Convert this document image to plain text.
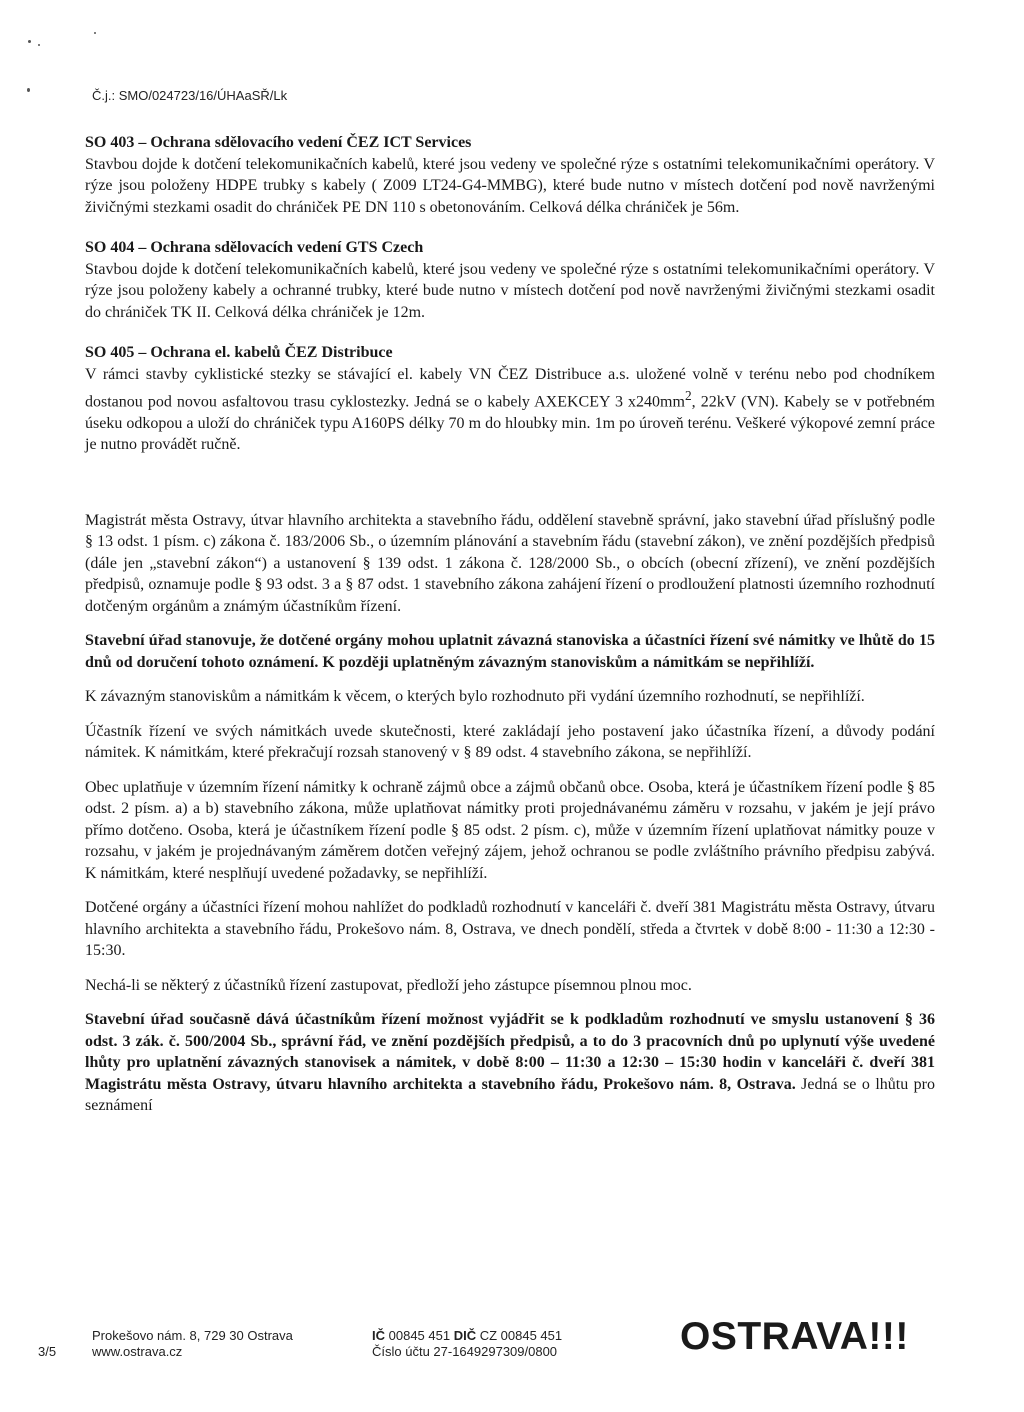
Č.j.: SMO/024723/16/ÚHAaSŘ/Lk
SO 403 – Ochrana sdělovacího vedení ČEZ ICT Services
Stavbou dojde k dotčení telekomunikačních kabelů, které jsou vedeny ve společné rýze s ostatními telekomunikačními operátory. V rýze jsou položeny HDPE trubky s kabely ( Z009 LT24-G4-MMBG), které bude nutno v místech dotčení pod nově navrženými živičnými stezkami osadit do chrániček PE DN 110 s obetonováním. Celková délka chrániček je 56m.
SO 404 – Ochrana sdělovacích vedení GTS Czech
Stavbou dojde k dotčení telekomunikačních kabelů, které jsou vedeny ve společné rýze s ostatními telekomunikačními operátory. V rýze jsou položeny kabely a ochranné trubky, které bude nutno v místech dotčení pod nově navrženými živičnými stezkami osadit do chrániček TK II. Celková délka chrániček je 12m.
SO 405 – Ochrana el. kabelů ČEZ Distribuce
V rámci stavby cyklistické stezky se stávající el. kabely VN ČEZ Distribuce a.s. uložené volně v terénu nebo pod chodníkem dostanou pod novou asfaltovou trasu cyklostezky. Jedná se o kabely AXEKCEY 3 $x240mm^2$, 22kV (VN). Kabely se v potřebném úseku odkopou a uloží do chrániček typu A160PS délky 70 m do hloubky min. 1m po úroveň terénu. Veškeré výkopové zemní práce je nutno provádět ručně.

Magistrát města Ostravy, útvar hlavního architekta a stavebního řádu, oddělení stavebně správní, jako stavební úřad příslušný podle § 13 odst. 1 písm. c) zákona č. 183/2006 Sb., o územním plánování a stavebním řádu (stavební zákon), ve znění pozdějších předpisů (dále jen „stavební zákon“) a ustanovení § 139 odst. 1 zákona č. 128/2000 Sb., o obcích (obecní zřízení), ve znění pozdějších předpisů, oznamuje podle § 93 odst. 3 a § 87 odst. 1 stavebního zákona zahájení řízení o prodloužení platnosti územního rozhodnutí dotčeným orgánům a známým účastníkům řízení.

Stavební úřad stanovuje, že dotčené orgány mohou uplatnit závazná stanoviska a účastníci řízení své námitky ve lhůtě do 15 dnů od doručení tohoto oznámení. K později uplatněným závazným stanoviskům a námitkám se nepřihlíží.

K závazným stanoviskům a námitkám k věcem, o kterých bylo rozhodnuto při vydání územního rozhodnutí, se nepřihlíží.

Účastník řízení ve svých námitkách uvede skutečnosti, které zakládají jeho postavení jako účastníka řízení, a důvody podání námitek. K námitkám, které překračují rozsah stanovený v § 89 odst. 4 stavebního zákona, se nepřihlíží.

Obec uplatňuje v územním řízení námitky k ochraně zájmů obce a zájmů občanů obce. Osoba, která je účastníkem řízení podle § 85 odst. 2 písm. a) a b) stavebního zákona, může uplatňovat námitky proti projednávanému záměru v rozsahu, v jakém je její právo přímo dotčeno. Osoba, která je účastníkem řízení podle § 85 odst. 2 písm. c), může v územním řízení uplatňovat námitky pouze v rozsahu, v jakém je projednávaným záměrem dotčen veřejný zájem, jehož ochranou se podle zvláštního právního předpisu zabývá. K námitkám, které nesplňují uvedené požadavky, se nepřihlíží.

Dotčené orgány a účastníci řízení mohou nahlížet do podkladů rozhodnutí v kanceláři č. dveří 381 Magistrátu města Ostravy, útvaru hlavního architekta a stavebního řádu, Prokešovo nám. 8, Ostrava, ve dnech pondělí, středa a čtvrtek v době 8:00 - 11:30 a 12:30 - 15:30.

Nechá-li se některý z účastníků řízení zastupovat, předloží jeho zástupce písemnou plnou moc.

Stavební úřad současně dává účastníkům řízení možnost vyjádřit se k podkladům rozhodnutí ve smyslu ustanovení § 36 odst. 3 zák. č. 500/2004 Sb., správní řád, ve znění pozdějších předpisů, a to do 3 pracovních dnů po uplynutí výše uvedené lhůty pro uplatnění závazných stanovisek a námitek, v době 8:00 – 11:30 a 12:30 – 15:30 hodin v kanceláři č. dveří 381 Magistrátu města Ostravy, útvaru hlavního architekta a stavebního řádu, Prokešovo nám. 8, Ostrava. Jedná se o lhůtu pro seznámení

3/5
Prokešovo nám. 8, 729 30 Ostrava
www.ostrava.cz
IČ 00845 451 DIČ CZ 00845 451
Číslo účtu 27-1649297309/0800	OSTRAVA!!!
